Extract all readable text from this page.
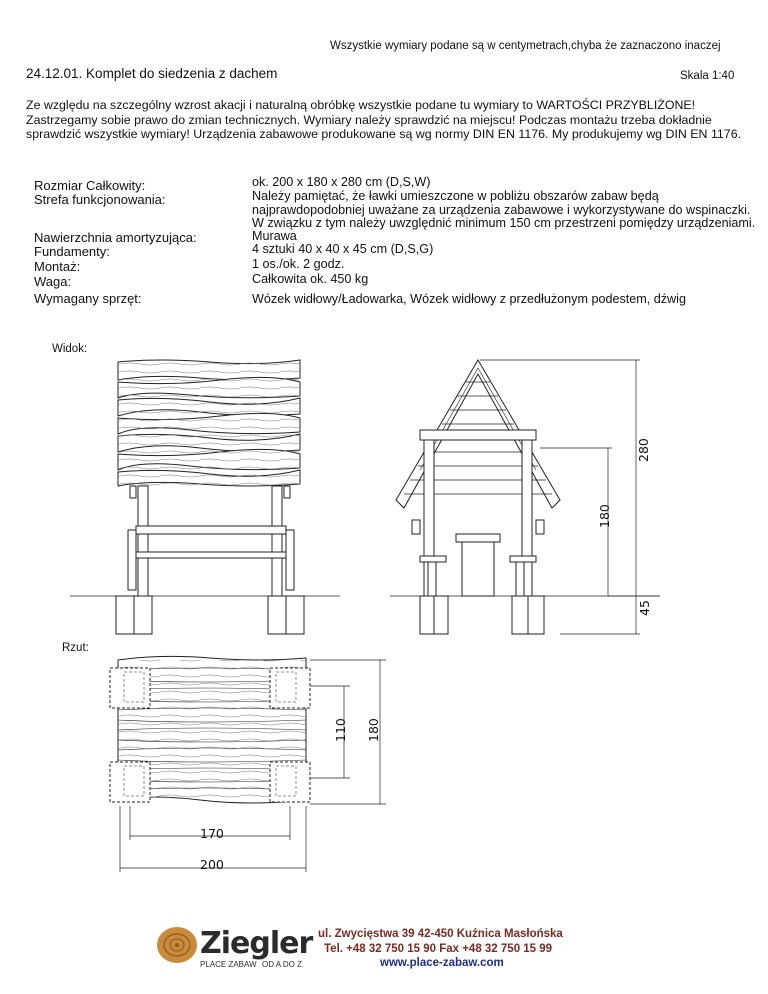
Wszystkie wymiary podane są w centymetrach,chyba że zaznaczono inaczej
24.12.01. Komplet do siedzenia z dachem	Skala 1:40
Ze względu na szczególny wzrost akacji i naturalną obróbkę wszystkie podane tu wymiary to WARTOŚCI PRZYBLIŻONE!
Zastrzegamy sobie prawo do zmian technicznych. Wymiary należy sprawdzić na miejscu! Podczas montażu trzeba dokładnie
sprawdzić wszystkie wymiary! Urządzenia zabawowe produkowane są wg normy DIN EN 1176. My produkujemy wg DIN EN 1176.
Rozmiar Całkowity:	ok. 200 x 180 x 280 cm (D,S,W)
Strefa funkcjonowania:	Należy pamiętać, że ławki umieszczone w pobliżu obszarów zabaw będą
najprawdopodobniej uważane za urządzenia zabawowe i wykorzystywane do wspinaczki.
W związku z tym należy uwzględnić minimum 150 cm przestrzeni pomiędzy urządzeniami.
Nawierzchnia amortyzująca:	Murawa
Fundamenty:	4 sztuki 40 x 40 x 45 cm (D,S,G)
Montaż:	1 os./ok. 2 godz.
Waga:	Całkowita ok. 450 kg
Wymagany sprzęt:	Wózek widłowy/Ładowarka, Wózek widłowy z przedłużonym podestem, dźwig
Widok:
Rzut:
280
180
45
110 180
170
200
Ziegler
PLACE ZABAW OD A DO Z
ul. Zwycięstwa 39 42-450 Kuźnica Masłońska
Tel. +48 32 750 15 90 Fax +48 32 750 15 99
www.place-zabaw.com
